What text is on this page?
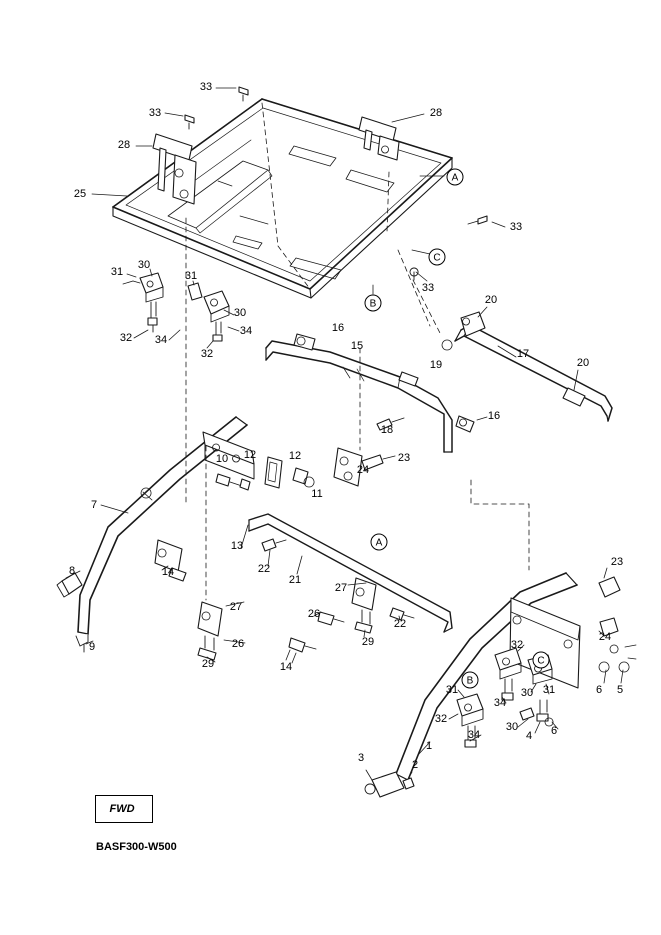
FWD
BASF300-W500
33
33	28
28
25
33
33
31
30
31
30
34
32 34
32
16
20
15
17
19	20
18
16
10 12	12
11
24
23
7
8
9
14
13
22
21
27
26
29
22
27
26
29	14
23
24
32
6 5
31
34
30 31
32
34
30
4 6
1
3
2
A
C
B
A
B
C
